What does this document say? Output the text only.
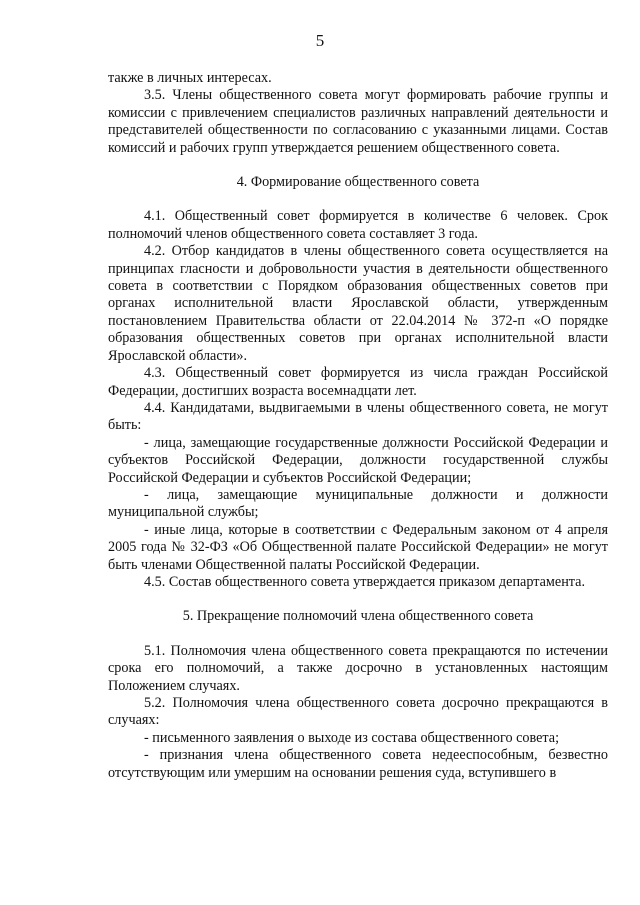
5

также в личных интересах.

3.5. Члены общественного совета могут формировать рабочие группы и комиссии с привлечением специалистов различных направлений деятельности и представителей общественности по согласованию с указанными лицами. Состав комиссий и рабочих групп утверждается решением общественного совета.

4. Формирование общественного совета

4.1. Общественный совет формируется в количестве 6 человек. Срок полномочий членов общественного совета составляет 3 года.

4.2. Отбор кандидатов в члены общественного совета осуществляется на принципах гласности и добровольности участия в деятельности общественного совета в соответствии с Порядком образования общественных советов при органах исполнительной власти Ярославской области, утвержденным постановлением Правительства области от 22.04.2014 № 372-п «О порядке образования общественных советов при органах исполнительной власти Ярославской области».

4.3. Общественный совет формируется из числа граждан Российской Федерации, достигших возраста восемнадцати лет.

4.4. Кандидатами, выдвигаемыми в члены общественного совета, не могут быть:

- лица, замещающие государственные должности Российской Федерации и субъектов Российской Федерации, должности государственной службы Российской Федерации и субъектов Российской Федерации;

- лица, замещающие муниципальные должности и должности муниципальной службы;

- иные лица, которые в соответствии с Федеральным законом от 4 апреля 2005 года № 32-ФЗ «Об Общественной палате Российской Федерации» не могут быть членами Общественной палаты Российской Федерации.

4.5. Состав общественного совета утверждается приказом департамента.

5. Прекращение полномочий члена общественного совета

5.1. Полномочия члена общественного совета прекращаются по истечении срока его полномочий, а также досрочно в установленных настоящим Положением случаях.

5.2. Полномочия члена общественного совета досрочно прекращаются в случаях:

- письменного заявления о выходе из состава общественного совета;

- признания члена общественного совета недееспособным, безвестно отсутствующим или умершим на основании решения суда, вступившего в
